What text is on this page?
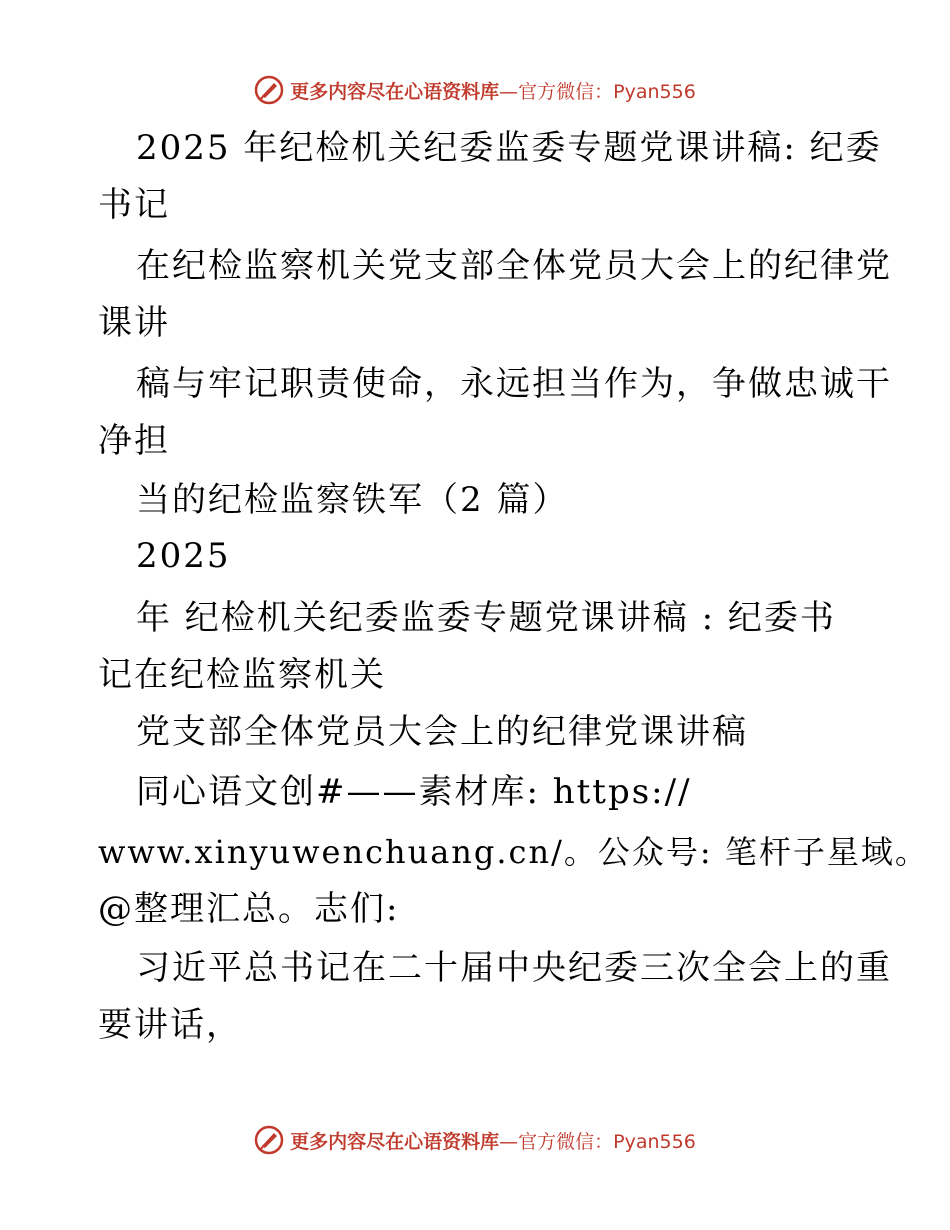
更多内容尽在心语资料库—官方微信：Pyan556
2025 年纪检机关纪委监委专题党课讲稿: 纪委
书记
在纪检监察机关党支部全体党员大会上的纪律党
课讲
稿与牢记职责使命，永远担当作为，争做忠诚干
净担
当的纪检监察铁军（2 篇）
2025
年 纪检机关纪委监委专题党课讲稿 : 纪委书
记在纪检监察机关
党支部全体党员大会上的纪律党课讲稿
同心语文创#——素材库: https://
www.xinyuwenchuang.cn/。公众号: 笔杆子星域。
@整理汇总。志们:
习近平总书记在二十届中央纪委三次全会上的重
要讲话，
更多内容尽在心语资料库—官方微信：Pyan556
